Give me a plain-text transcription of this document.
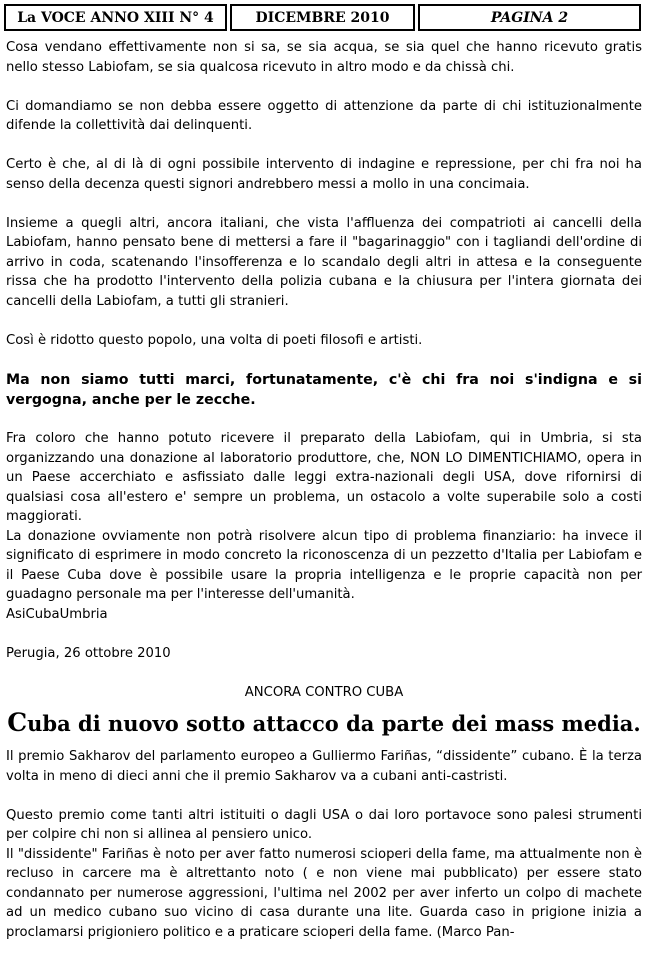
La VOCE ANNO XIII N° 4	DICEMBRE 2010	PAGINA 2

Cosa vendano effettivamente non si sa, se sia acqua, se sia quel che hanno ricevuto gratis nello stesso Labiofam, se sia qualcosa ricevuto in altro modo e da chissà chi.

Ci domandiamo se non debba essere oggetto di attenzione da parte di chi istituzionalmente difende la collettività dai delinquenti.

Certo è che, al di là di ogni possibile intervento di indagine e repressione, per chi fra noi ha senso della decenza questi signori andrebbero messi a mollo in una concimaia.

Insieme a quegli altri, ancora italiani, che vista l'affluenza dei compatrioti ai cancelli della Labiofam, hanno pensato bene di mettersi a fare il "bagarinaggio" con i tagliandi dell'ordine di arrivo in coda, scatenando l'insofferenza e lo scandalo degli altri in attesa e la conseguente rissa che ha prodotto l'intervento della polizia cubana e la chiusura per l'intera giornata dei cancelli della Labiofam, a tutti gli stranieri.

Così è ridotto questo popolo, una volta di poeti filosofi e artisti.

Ma non siamo tutti marci, fortunatamente, c'è chi fra noi s'indigna e si vergogna, anche per le zecche.

Fra coloro che hanno potuto ricevere il preparato della Labiofam, qui in Umbria, si sta organizzando una donazione al laboratorio produttore, che, NON LO DIMENTICHIAMO, opera in un Paese accerchiato e asfissiato dalle leggi extra-nazionali degli USA, dove rifornirsi di qualsiasi cosa all'estero e' sempre un problema, un ostacolo a volte superabile solo a costi maggiorati.

La donazione ovviamente non potrà risolvere alcun tipo di problema finanziario: ha invece il significato di esprimere in modo concreto la riconoscenza di un pezzetto d'Italia per Labiofam e il Paese Cuba dove è possibile usare la propria intelligenza e le proprie capacità non per guadagno personale ma per l'interesse dell'umanità.

AsiCubaUmbria

Perugia, 26 ottobre 2010

ANCORA CONTRO CUBA

Cuba di nuovo sotto attacco da parte dei mass media.

Il premio Sakharov del parlamento europeo a Gulliermo Fariñas, “dissidente” cubano. È la terza volta in meno di dieci anni che il premio Sakharov va a cubani anti-castristi.

Questo premio come tanti altri istituiti o dagli USA o dai loro portavoce sono palesi strumenti per colpire chi non si allinea al pensiero unico.

Il "dissidente" Fariñas è noto per aver fatto numerosi scioperi della fame, ma attualmente non è recluso in carcere ma è altrettanto noto ( e non viene mai pubblicato) per essere stato condannato per numerose aggressioni, l'ultima nel 2002 per aver inferto un colpo di machete ad un medico cubano suo vicino di casa durante una lite. Guarda caso in prigione inizia a proclamarsi prigioniero politico e a praticare scioperi della fame. (Marco Pan-
